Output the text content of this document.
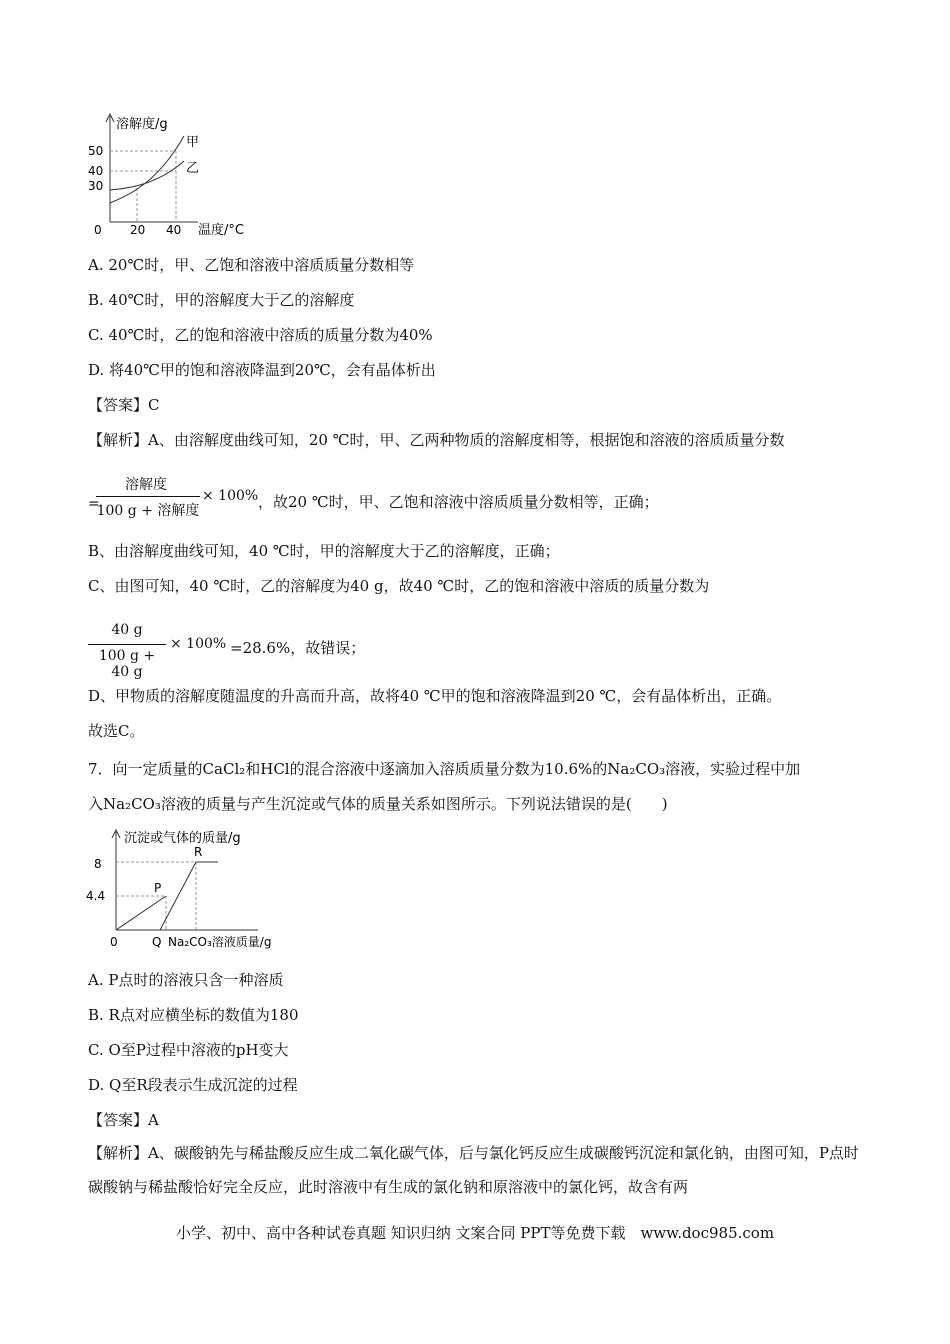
溶解度/g
甲
乙
50
40
30
0 20 40 温度/°C
A. 20℃时，甲、乙饱和溶液中溶质质量分数相等
B. 40℃时，甲的溶解度大于乙的溶解度
C. 40℃时，乙的饱和溶液中溶质的质量分数为40%
D. 将40℃甲的饱和溶液降温到20℃，会有晶体析出
【答案】C
【解析】A、由溶解度曲线可知，20 ℃时，甲、乙两种物质的溶解度相等，根据饱和溶液的溶质质量分数
=
溶解度
100 g + 溶解度
× 100% ，故20 ℃时，甲、乙饱和溶液中溶质质量分数相等，正确；
B、由溶解度曲线可知，40 ℃时，甲的溶解度大于乙的溶解度，正确；
C、由图可知，40 ℃时，乙的溶解度为40 g，故40 ℃时，乙的饱和溶液中溶质的质量分数为
40 g
100 g + 40 g
× 100% =28.6%，故错误；
D、甲物质的溶解度随温度的升高而升高，故将40 ℃甲的饱和溶液降温到20 ℃，会有晶体析出，正确。
故选C。
7．向一定质量的CaCl₂和HCl的混合溶液中逐滴加入溶质质量分数为10.6%的Na₂CO₃溶液，实验过程中加
入Na₂CO₃溶液的质量与产生沉淀或气体的质量关系如图所示。下列说法错误的是(　　)
沉淀或气体的质量/g
8
4.4
P
R
0	Q Na₂CO₃溶液质量/g
A. P点时的溶液只含一种溶质
B. R点对应横坐标的数值为180
C. O至P过程中溶液的pH变大
D. Q至R段表示生成沉淀的过程
【答案】A
【解析】A、碳酸钠先与稀盐酸反应生成二氧化碳气体，后与氯化钙反应生成碳酸钙沉淀和氯化钠，由图可知，P点时碳酸钠与稀盐酸恰好完全反应，此时溶液中有生成的氯化钠和原溶液中的氯化钙，故含有两
小学、初中、高中各种试卷真题 知识归纳 文案合同 PPT等免费下载　www.doc985.com
